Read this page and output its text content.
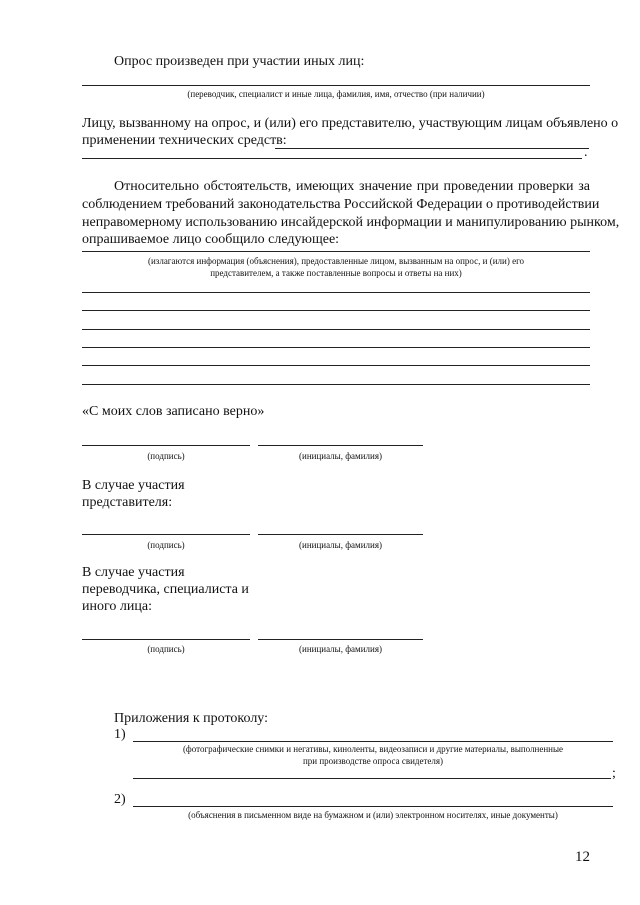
Опрос произведен при участии иных лиц:
(переводчик, специалист и иные лица, фамилия, имя, отчество (при наличии)
Лицу, вызванному на опрос, и (или) его представителю, участвующим лицам объявлено о
применении технических средств:
.
Относительно обстоятельств, имеющих значение при проведении проверки за
соблюдением требований законодательства Российской Федерации о противодействии
неправомерному использованию инсайдерской информации и манипулированию рынком,
опрашиваемое лицо сообщило следующее:
(излагаются информация (объяснения), предоставленные лицом, вызванным на опрос, и (или) его
представителем, а также поставленные вопросы и ответы на них)
«С моих слов записано верно»
(подпись)	(инициалы, фамилия)
В случае участия
представителя:
(подпись)	(инициалы, фамилия)
В случае участия
переводчика, специалиста и
иного лица:
(подпись)	(инициалы, фамилия)
Приложения к протоколу:
1)
(фотографические снимки и негативы, киноленты, видеозаписи и другие материалы, выполненные
при производстве опроса свидетеля)
;
2)
(объяснения в письменном виде на бумажном и (или) электронном носителях, иные документы)
12
